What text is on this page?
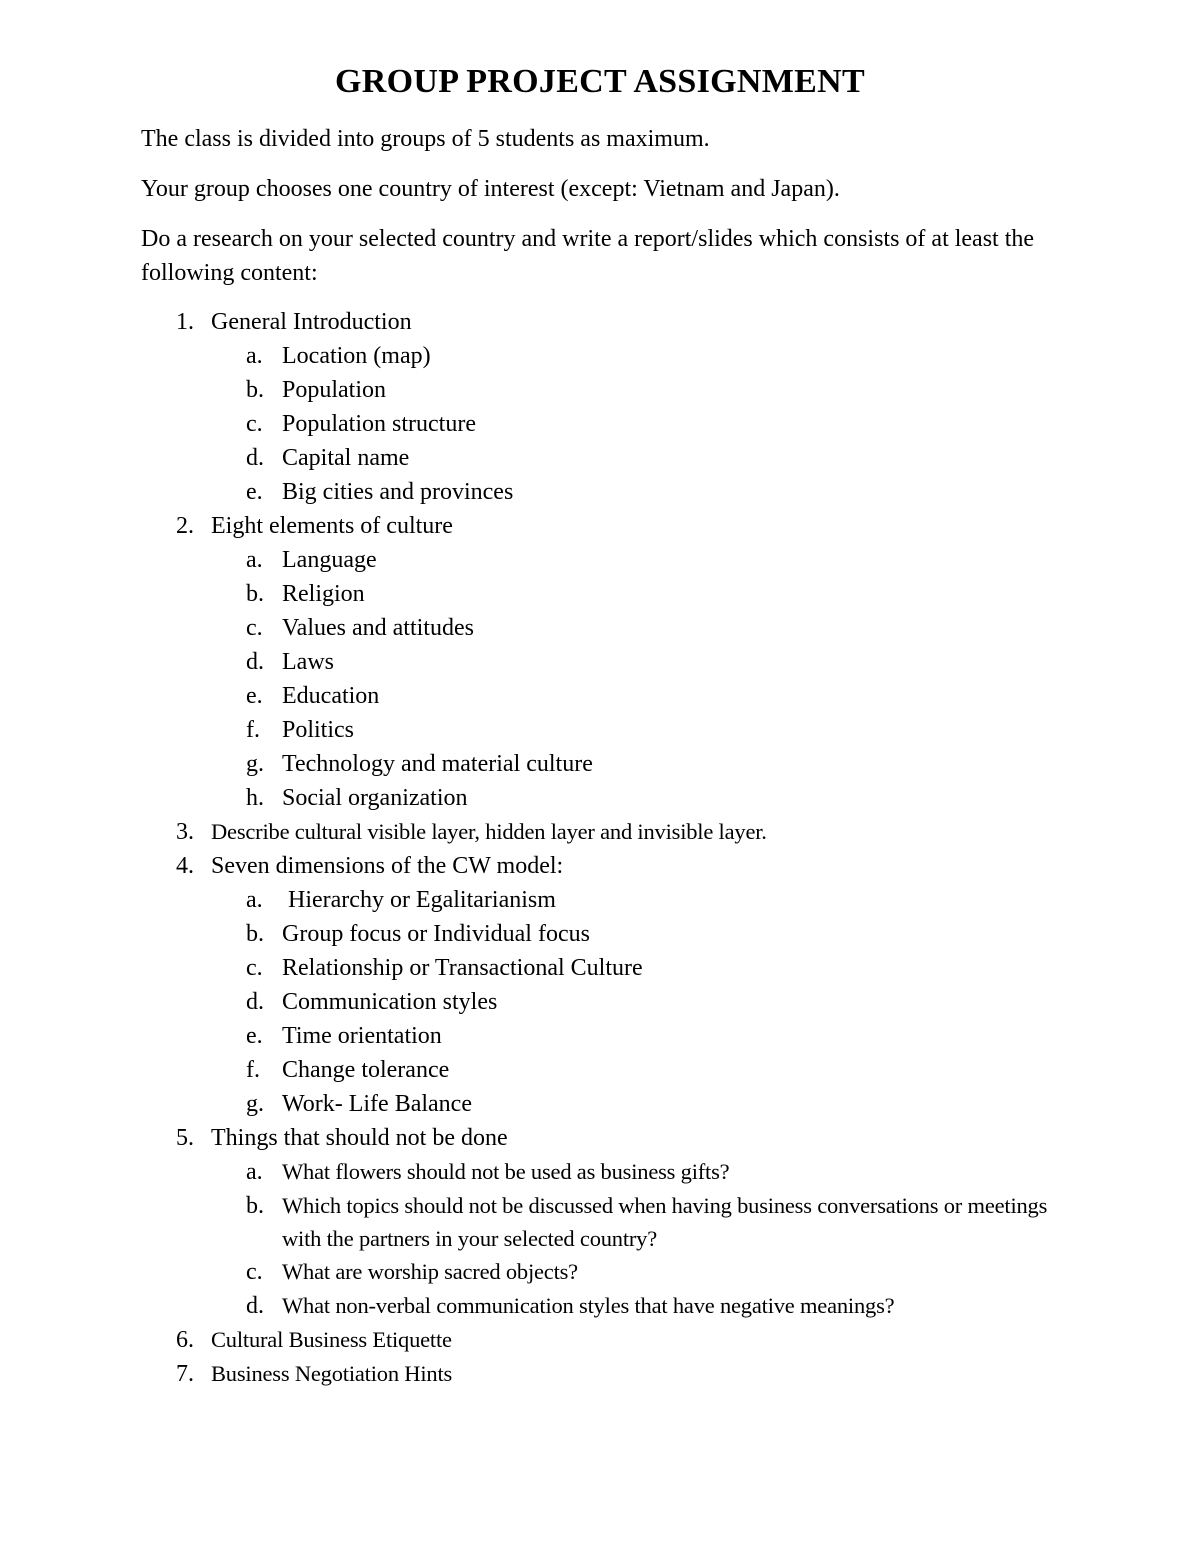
GROUP PROJECT ASSIGNMENT
The class is divided into groups of 5 students as maximum.
Your group chooses one country of interest (except: Vietnam and Japan).
Do a research on your selected country and write a report/slides which consists of at least the following content:
1. General Introduction
a. Location (map)
b. Population
c. Population structure
d. Capital name
e. Big cities and provinces
2. Eight elements of culture
a. Language
b. Religion
c. Values and attitudes
d. Laws
e. Education
f. Politics
g. Technology and material culture
h. Social organization
3. Describe cultural visible layer, hidden layer and invisible layer.
4. Seven dimensions of the CW model:
a. Hierarchy or Egalitarianism
b. Group focus or Individual focus
c. Relationship or Transactional Culture
d. Communication styles
e. Time orientation
f. Change tolerance
g. Work- Life Balance
5. Things that should not be done
a. What flowers should not be used as business gifts?
b. Which topics should not be discussed when having business conversations or meetings with the partners in your selected country?
c. What are worship sacred objects?
d. What non-verbal communication styles that have negative meanings?
6. Cultural Business Etiquette
7. Business Negotiation Hints
